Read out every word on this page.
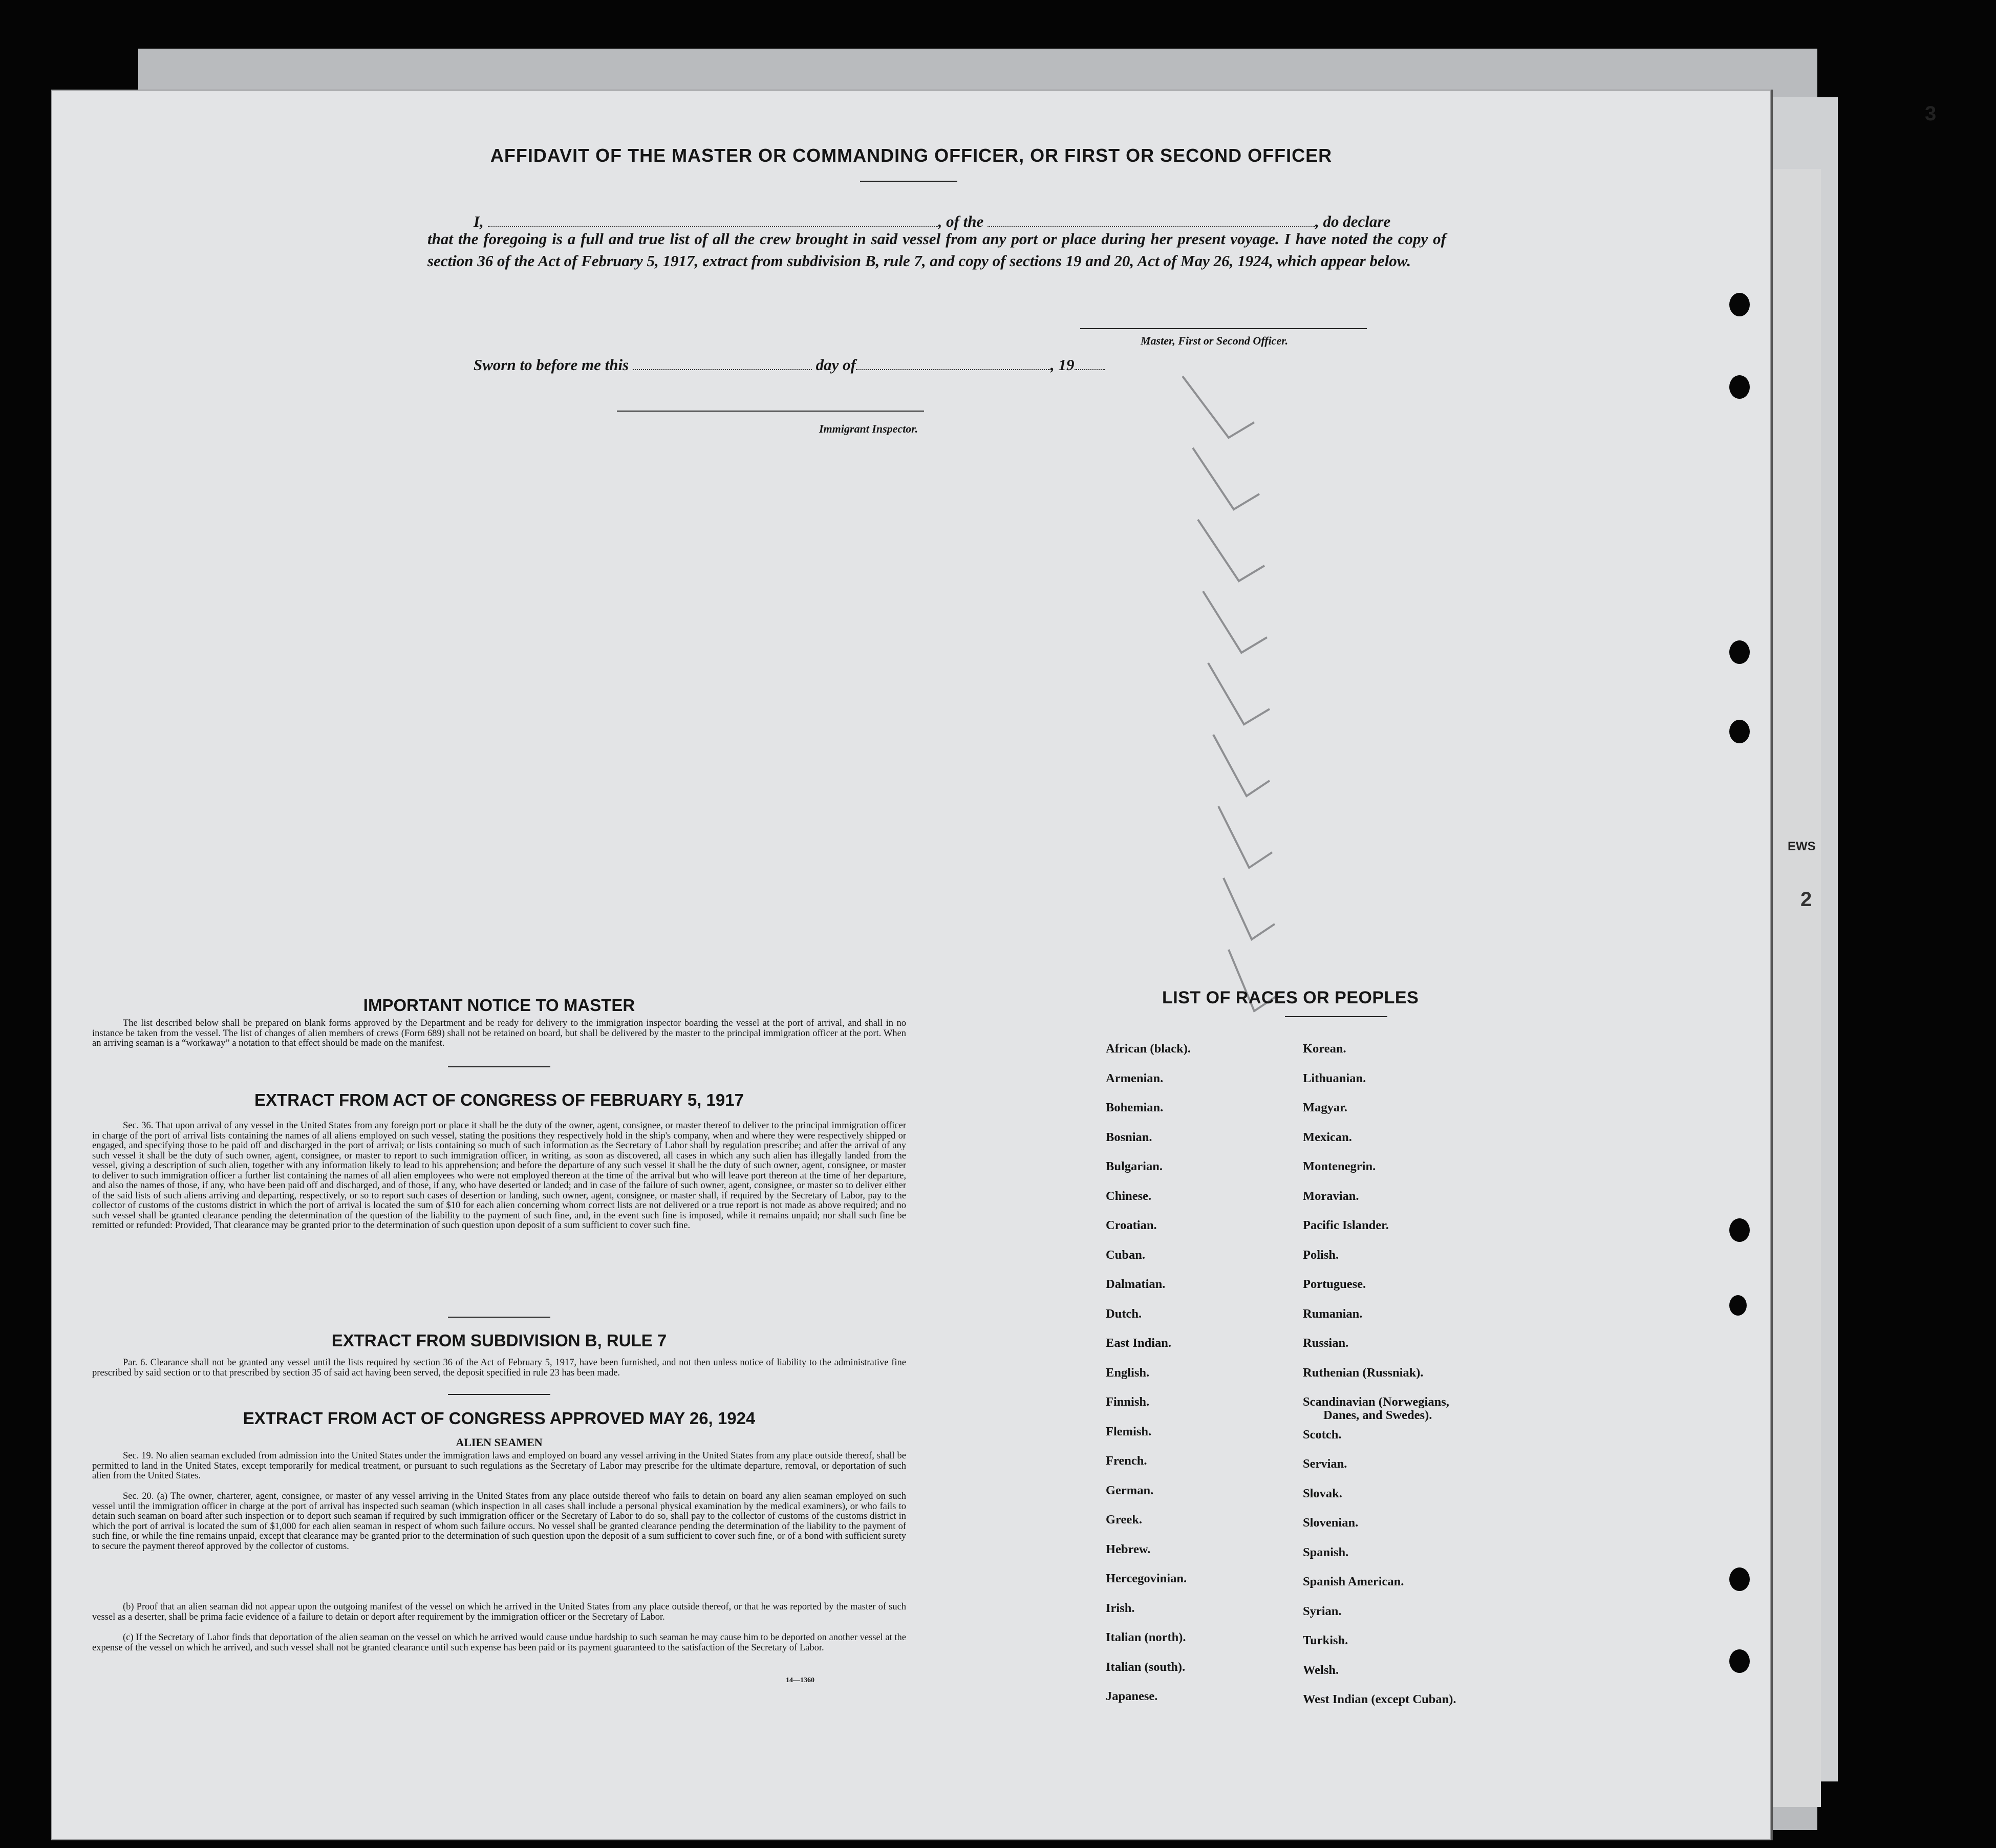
EWS
2
3
AFFIDAVIT OF THE MASTER OR COMMANDING OFFICER, OR FIRST OR SECOND OFFICER
I,	, of the	, do declare
that the foregoing is a full and true list of all the crew brought in said vessel from any port or place during her present voyage. I have noted the copy of section 36 of the Act of February 5, 1917, extract from subdivision B, rule 7, and copy of sections 19 and 20, Act of May 26, 1924, which appear below.
Master, First or Second Officer.
Sworn to before me this	day of	, 19
Immigrant Inspector.
IMPORTANT NOTICE TO MASTER
The list described below shall be prepared on blank forms approved by the Department and be ready for delivery to the immigration inspector boarding the vessel at the port of arrival, and shall in no instance be taken from the vessel. The list of changes of alien members of crews (Form 689) shall not be retained on board, but shall be delivered by the master to the principal immigration officer at the port. When an arriving seaman is a “workaway” a notation to that effect should be made on the manifest.
EXTRACT FROM ACT OF CONGRESS OF FEBRUARY 5, 1917
Sec. 36. That upon arrival of any vessel in the United States from any foreign port or place it shall be the duty of the owner, agent, consignee, or master thereof to deliver to the principal immigration officer in charge of the port of arrival lists containing the names of all aliens employed on such vessel, stating the positions they respectively hold in the ship's company, when and where they were respectively shipped or engaged, and specifying those to be paid off and discharged in the port of arrival; or lists containing so much of such information as the Secretary of Labor shall by regulation prescribe; and after the arrival of any such vessel it shall be the duty of such owner, agent, consignee, or master to report to such immigration officer, in writing, as soon as discovered, all cases in which any such alien has illegally landed from the vessel, giving a description of such alien, together with any information likely to lead to his apprehension; and before the departure of any such vessel it shall be the duty of such owner, agent, consignee, or master to deliver to such immigration officer a further list containing the names of all alien employees who were not employed thereon at the time of the arrival but who will leave port thereon at the time of her departure, and also the names of those, if any, who have been paid off and discharged, and of those, if any, who have deserted or landed; and in case of the failure of such owner, agent, consignee, or master so to deliver either of the said lists of such aliens arriving and departing, respectively, or so to report such cases of desertion or landing, such owner, agent, consignee, or master shall, if required by the Secretary of Labor, pay to the collector of customs of the customs district in which the port of arrival is located the sum of $10 for each alien concerning whom correct lists are not delivered or a true report is not made as above required; and no such vessel shall be granted clearance pending the determination of the question of the liability to the payment of such fine, and, in the event such fine is imposed, while it remains unpaid; nor shall such fine be remitted or refunded: Provided, That clearance may be granted prior to the determination of such question upon deposit of a sum sufficient to cover such fine.
EXTRACT FROM SUBDIVISION B, RULE 7
Par. 6. Clearance shall not be granted any vessel until the lists required by section 36 of the Act of February 5, 1917, have been furnished, and not then unless notice of liability to the administrative fine prescribed by said section or to that prescribed by section 35 of said act having been served, the deposit specified in rule 23 has been made.
EXTRACT FROM ACT OF CONGRESS APPROVED MAY 26, 1924
ALIEN SEAMEN
Sec. 19. No alien seaman excluded from admission into the United States under the immigration laws and employed on board any vessel arriving in the United States from any place outside thereof, shall be permitted to land in the United States, except temporarily for medical treatment, or pursuant to such regulations as the Secretary of Labor may prescribe for the ultimate departure, removal, or deportation of such alien from the United States.
Sec. 20. (a) The owner, charterer, agent, consignee, or master of any vessel arriving in the United States from any place outside thereof who fails to detain on board any alien seaman employed on such vessel until the immigration officer in charge at the port of arrival has inspected such seaman (which inspection in all cases shall include a personal physical examination by the medical examiners), or who fails to detain such seaman on board after such inspection or to deport such seaman if required by such immigration officer or the Secretary of Labor to do so, shall pay to the collector of customs of the customs district in which the port of arrival is located the sum of $1,000 for each alien seaman in respect of whom such failure occurs. No vessel shall be granted clearance pending the determination of the liability to the payment of such fine, or while the fine remains unpaid, except that clearance may be granted prior to the determination of such question upon the deposit of a sum sufficient to cover such fine, or of a bond with sufficient surety to secure the payment thereof approved by the collector of customs.
(b) Proof that an alien seaman did not appear upon the outgoing manifest of the vessel on which he arrived in the United States from any place outside thereof, or that he was reported by the master of such vessel as a deserter, shall be prima facie evidence of a failure to detain or deport after requirement by the immigration officer or the Secretary of Labor.
(c) If the Secretary of Labor finds that deportation of the alien seaman on the vessel on which he arrived would cause undue hardship to such seaman he may cause him to be deported on another vessel at the expense of the vessel on which he arrived, and such vessel shall not be granted clearance until such expense has been paid or its payment guaranteed to the satisfaction of the Secretary of Labor.
14—1360
LIST OF RACES OR PEOPLES
African (black).
Armenian.
Bohemian.
Bosnian.
Bulgarian.
Chinese.
Croatian.
Cuban.
Dalmatian.
Dutch.
East Indian.
English.
Finnish.
Flemish.
French.
German.
Greek.
Hebrew.
Hercegovinian.
Irish.
Italian (north).
Italian (south).
Japanese.
Korean.
Lithuanian.
Magyar.
Mexican.
Montenegrin.
Moravian.
Pacific Islander.
Polish.
Portuguese.
Rumanian.
Russian.
Ruthenian (Russniak).
Scandinavian (Norwegians,
Danes, and Swedes).
Scotch.
Servian.
Slovak.
Slovenian.
Spanish.
Spanish American.
Syrian.
Turkish.
Welsh.
West Indian (except Cuban).
